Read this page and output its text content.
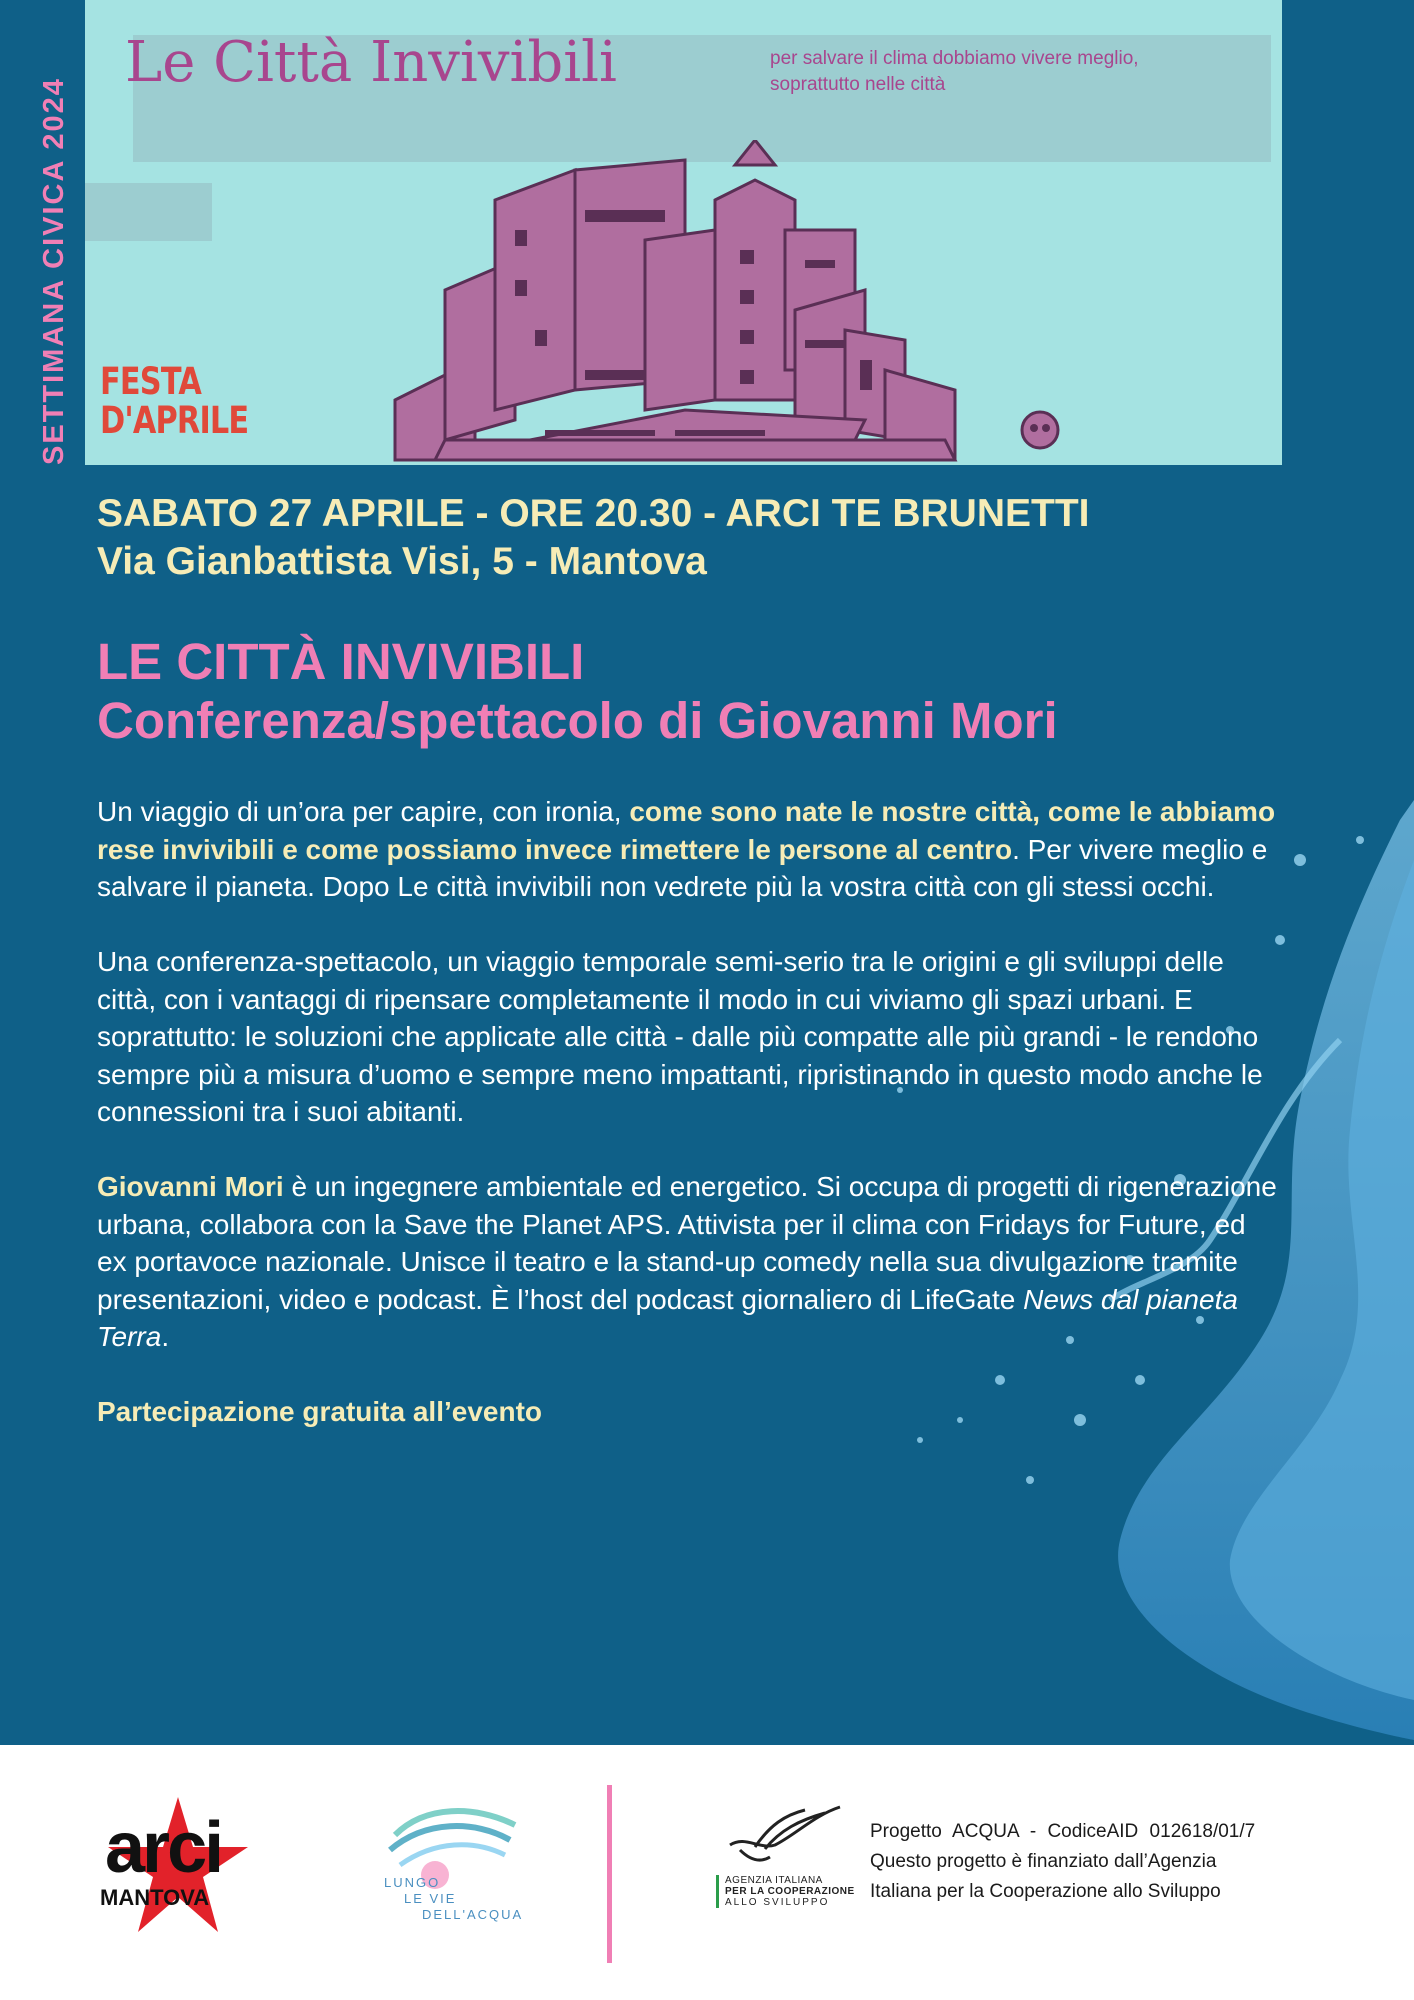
SETTIMANA CIVICA 2024
Le Città Invivibili	per salvare il clima dobbiamo vivere meglio,
soprattutto nelle città
FESTA
D'APRILE
SABATO 27 APRILE - ORE 20.30 - ARCI TE BRUNETTI
Via Gianbattista Visi, 5 - Mantova
LE CITTÀ INVIVIBILI
Conferenza/spettacolo di Giovanni Mori

Un viaggio di un’ora per capire, con ironia, come sono nate le nostre città, come le abbiamo rese invivibili e come possiamo invece rimettere le persone al centro. Per vivere meglio e salvare il pianeta. Dopo Le città invivibili non vedrete più la vostra città con gli stessi occhi.

Una conferenza-spettacolo, un viaggio temporale semi-serio tra le origini e gli sviluppi delle città, con i vantaggi di ripensare completamente il modo in cui viviamo gli spazi urbani. E soprattutto: le soluzioni che applicate alle città - dalle più compatte alle più grandi - le rendono sempre più a misura d’uomo e sempre meno impattanti, ripristinando in questo modo anche le connessioni tra i suoi abitanti.

Giovanni Mori è un ingegnere ambientale ed energetico. Si occupa di progetti di rigenerazione urbana, collabora con la Save the Planet APS. Attivista per il clima con Fridays for Future, ed ex portavoce nazionale. Unisce il teatro e la stand-up comedy nella sua divulgazione tramite presentazioni, video e podcast. È l’host del podcast giornaliero di LifeGate News dal pianeta Terra.

Partecipazione gratuita all’evento

arci
MANTOVA
LUNGO
LE VIE
DELL'ACQUA
AGENZIA ITALIANA
PER LA COOPERAZIONE
ALLO SVILUPPO
Progetto ACQUA - CodiceAID 012618/01/7
Questo progetto è finanziato dall’Agenzia
Italiana per la Cooperazione allo Sviluppo
